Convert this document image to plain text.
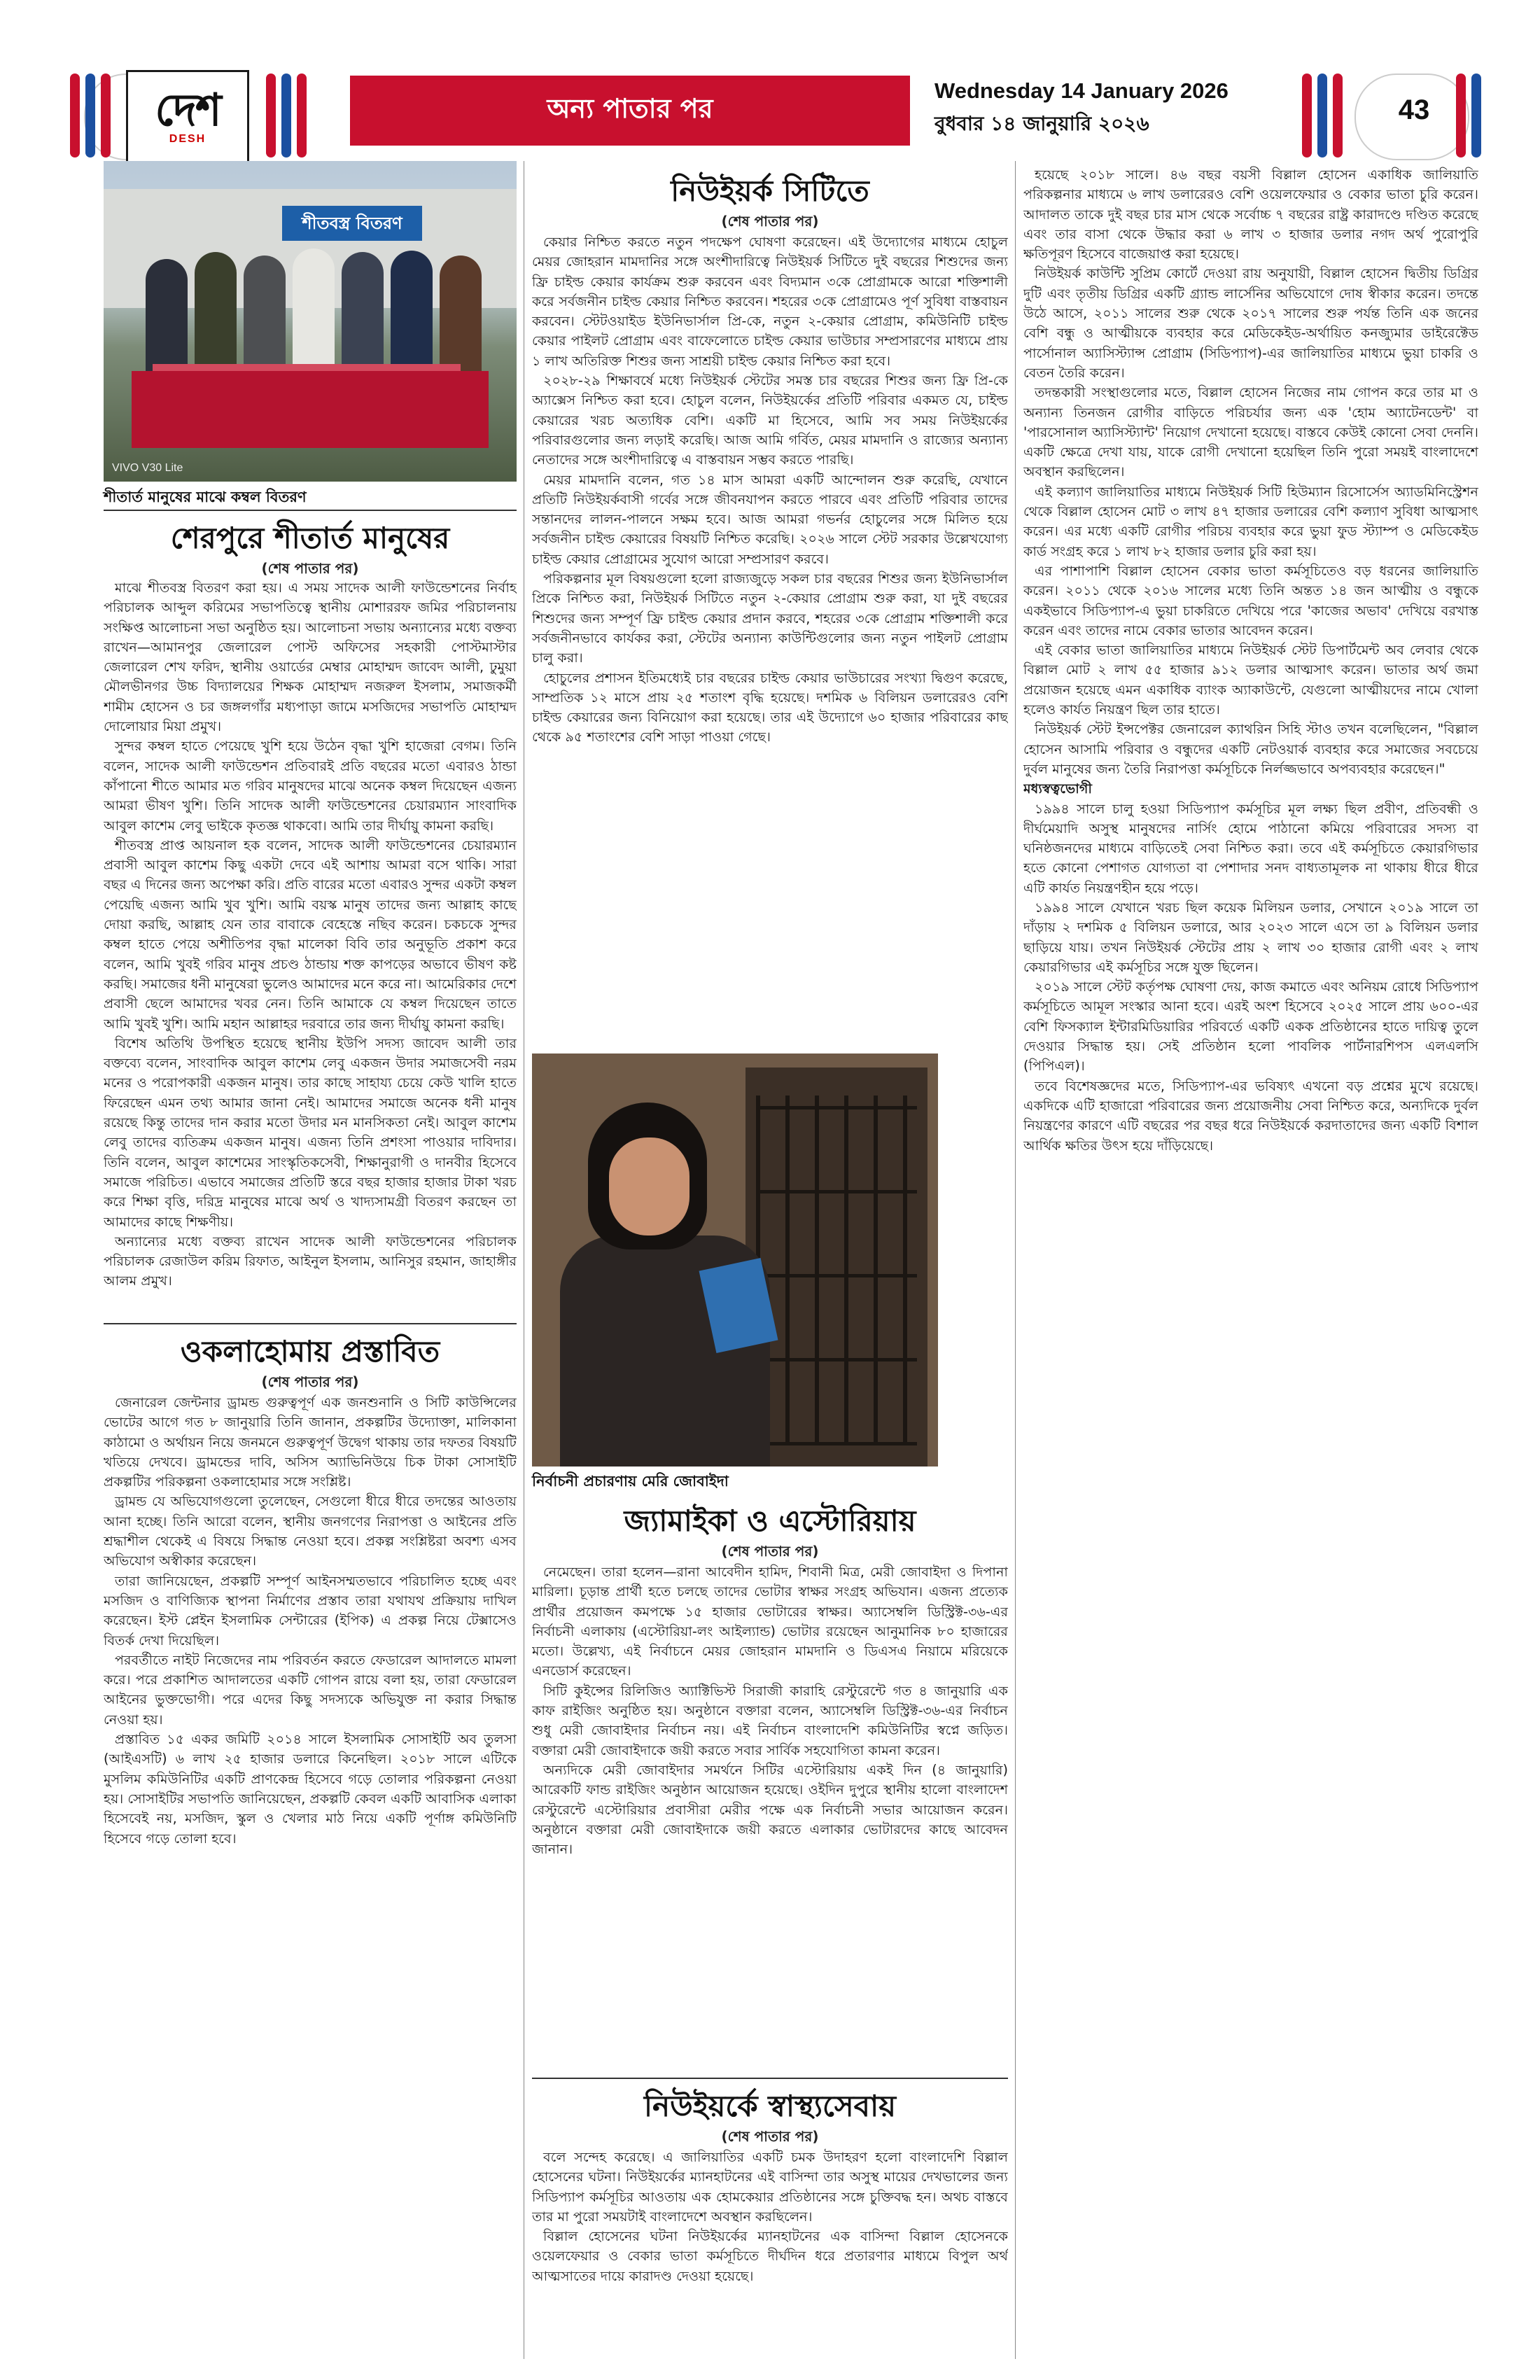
দেশ
DESH
অন্য পাতার পর
Wednesday 14 January 2026
বুধবার ১৪ জানুয়ারি ২০২৬	43
শীতবস্ত্র বিতরণ
VIVO V30 Lite
শীতার্ত মানুষের মাঝে কম্বল বিতরণ
শেরপুরে শীতার্ত মানুষের
(শেষ পাতার পর)

মাঝে শীতবস্ত্র বিতরণ করা হয়। এ সময় সাদেক আলী ফাউন্ডেশনের নির্বাহ পরিচালক আব্দুল করিমের সভাপতিত্বে স্থানীয় মোশাররফ জমির পরিচালনায় সংক্ষিপ্ত আলোচনা সভা অনুষ্ঠিত হয়। আলোচনা সভায় অন্যান্যের মধ্যে বক্তব্য রাখেন—আমানপুর জেলারেল পোস্ট অফিসের সহকারী পোস্টমাস্টার জেলারেল শেখ ফরিদ, স্থানীয় ওয়ার্ডের মেম্বার মোহাম্মদ জাবেদ আলী, ঢুমুয়া মৌলভীনগর উচ্চ বিদ্যালয়ের শিক্ষক মোহাম্মদ নজরুল ইসলাম, সমাজকর্মী শামীম হোসেন ও চর জঙ্গলগাঁর মধ্যপাড়া জামে মসজিদের সভাপতি মোহাম্মদ দোলোয়ার মিয়া প্রমুখ।

সুন্দর কম্বল হাতে পেয়েছে খুশি হয়ে উঠেন বৃদ্ধা খুশি হাজেরা বেগম। তিনি বলেন, সাদেক আলী ফাউন্ডেশন প্রতিবারই প্রতি বছরের মতো এবারও ঠান্ডা কাঁপানো শীতে আমার মত গরিব মানুষদের মাঝে অনেক কম্বল দিয়েছেন এজন্য আমরা ভীষণ খুশি। তিনি সাদেক আলী ফাউন্ডেশনের চেয়ারম্যান সাংবাদিক আবুল কাশেম লেবু ভাইকে কৃতজ্ঞ থাকবো। আমি তার দীর্ঘায়ু কামনা করছি।

শীতবস্ত্র প্রাপ্ত আয়নাল হক বলেন, সাদেক আলী ফাউন্ডেশনের চেয়ারম্যান প্রবাসী আবুল কাশেম কিছু একটা দেবে এই আশায় আমরা বসে থাকি। সারা বছর এ দিনের জন্য অপেক্ষা করি। প্রতি বারের মতো এবারও সুন্দর একটা কম্বল পেয়েছি এজন্য আমি খুব খুশি। আমি বয়স্ক মানুষ তাদের জন্য আল্লাহ কাছে দোয়া করছি, আল্লাহ যেন তার বাবাকে বেহেস্তে নছিব করেন। চকচকে সুন্দর কম্বল হাতে পেয়ে অশীতিপর বৃদ্ধা মালেকা বিবি তার অনুভূতি প্রকাশ করে বলেন, আমি খুবই গরিব মানুষ প্রচণ্ড ঠান্ডায় শক্ত কাপড়ের অভাবে ভীষণ কষ্ট করছি। সমাজের ধনী মানুষেরা ভুলেও আমাদের মনে করে না। আমেরিকার দেশে প্রবাসী ছেলে আমাদের খবর নেন। তিনি আমাকে যে কম্বল দিয়েছেন তাতে আমি খুবই খুশি। আমি মহান আল্লাহর দরবারে তার জন্য দীর্ঘায়ু কামনা করছি।

বিশেষ অতিথি উপস্থিত হয়েছে স্থানীয় ইউপি সদস্য জাবেদ আলী তার বক্তব্যে বলেন, সাংবাদিক আবুল কাশেম লেবু একজন উদার সমাজসেবী নরম মনের ও পরোপকারী একজন মানুষ। তার কাছে সাহায্য চেয়ে কেউ খালি হাতে ফিরেছেন এমন তথ্য আমার জানা নেই। আমাদের সমাজে অনেক ধনী মানুষ রয়েছে কিন্তু তাদের দান করার মতো উদার মন মানসিকতা নেই। আবুল কাশেম লেবু তাদের ব্যতিক্রম একজন মানুষ। এজন্য তিনি প্রশংসা পাওয়ার দাবিদার। তিনি বলেন, আবুল কাশেমের সাংস্কৃতিকসেবী, শিক্ষানুরাগী ও দানবীর হিসেবে সমাজে পরিচিত। এভাবে সমাজের প্রতিটি স্তরে বছর হাজার হাজার টাকা খরচ করে শিক্ষা বৃত্তি, দরিদ্র মানুষের মাঝে অর্থ ও খাদ্যসামগ্রী বিতরণ করছেন তা আমাদের কাছে শিক্ষণীয়।

অন্যান্যের মধ্যে বক্তব্য রাখেন সাদেক আলী ফাউন্ডেশনের পরিচালক পরিচালক রেজাউল করিম রিফাত, আইনুল ইসলাম, আনিসুর রহমান, জাহাঙ্গীর আলম প্রমুখ।

ওকলাহোমায় প্রস্তাবিত
(শেষ পাতার পর)

জেনারেল জেন্টনার ড্রামন্ড গুরুত্বপূর্ণ এক জনশুনানি ও সিটি কাউন্সিলের ভোটের আগে গত ৮ জানুয়ারি তিনি জানান, প্রকল্পটির উদ্যোক্তা, মালিকানা কাঠামো ও অর্থায়ন নিয়ে জনমনে গুরুত্বপূর্ণ উদ্বেগ থাকায় তার দফতর বিষয়টি খতিয়ে দেখবে। ড্রামন্ডের দাবি, অসিস অ্যাভিনিউয়ে চিক টাকা সোসাইটি প্রকল্পটির পরিকল্পনা ওকলাহোমার সঙ্গে সংশ্লিষ্ট।

ড্রামন্ড যে অভিযোগগুলো তুলেছেন, সেগুলো ধীরে ধীরে তদন্তের আওতায় আনা হচ্ছে। তিনি আরো বলেন, স্থানীয় জনগণের নিরাপত্তা ও আইনের প্রতি শ্রদ্ধাশীল থেকেই এ বিষয়ে সিদ্ধান্ত নেওয়া হবে। প্রকল্প সংশ্লিষ্টরা অবশ্য এসব অভিযোগ অস্বীকার করেছেন।

তারা জানিয়েছেন, প্রকল্পটি সম্পূর্ণ আইনসম্মতভাবে পরিচালিত হচ্ছে এবং মসজিদ ও বাণিজ্যিক স্থাপনা নির্মাণের প্রস্তাব তারা যথাযথ প্রক্রিয়ায় দাখিল করেছেন। ইস্ট প্লেইন ইসলামিক সেন্টারের (ইপিক) এ প্রকল্প নিয়ে টেক্সাসেও বিতর্ক দেখা দিয়েছিল।

পরবর্তীতে নাইট নিজেদের নাম পরিবর্তন করতে ফেডারেল আদালতে মামলা করে। পরে প্রকাশিত আদালতের একটি গোপন রায়ে বলা হয়, তারা ফেডারেল আইনের ভুক্তভোগী। পরে এদের কিছু সদস্যকে অভিযুক্ত না করার সিদ্ধান্ত নেওয়া হয়।

প্রস্তাবিত ১৫ একর জমিটি ২০১৪ সালে ইসলামিক সোসাইটি অব তুলসা (আইএসটি) ৬ লাখ ২৫ হাজার ডলারে কিনেছিল। ২০১৮ সালে এটিকে মুসলিম কমিউনিটির একটি প্রাণকেন্দ্র হিসেবে গড়ে তোলার পরিকল্পনা নেওয়া হয়। সোসাইটির সভাপতি জানিয়েছেন, প্রকল্পটি কেবল একটি আবাসিক এলাকা হিসেবেই নয়, মসজিদ, স্কুল ও খেলার মাঠ নিয়ে একটি পূর্ণাঙ্গ কমিউনিটি হিসেবে গড়ে তোলা হবে।

নিউইয়র্ক সিটিতে
(শেষ পাতার পর)

কেয়ার নিশ্চিত করতে নতুন পদক্ষেপ ঘোষণা করেছেন। এই উদ্যোগের মাধ্যমে হোচুল মেয়র জোহরান মামদানির সঙ্গে অংশীদারিত্বে নিউইয়র্ক সিটিতে দুই বছরের শিশুদের জন্য ফ্রি চাইল্ড কেয়ার কার্যক্রম শুরু করবেন এবং বিদ্যমান ৩কে প্রোগ্রামকে আরো শক্তিশালী করে সর্বজনীন চাইল্ড কেয়ার নিশ্চিত করবেন। শহরের ৩কে প্রোগ্রামেও পূর্ণ সুবিধা বাস্তবায়ন করবেন। স্টেটওয়াইড ইউনিভার্সাল প্রি-কে, নতুন ২-কেয়ার প্রোগ্রাম, কমিউনিটি চাইল্ড কেয়ার পাইলট প্রোগ্রাম এবং বাফেলোতে চাইল্ড কেয়ার ভাউচার সম্প্রসারণের মাধ্যমে প্রায় ১ লাখ অতিরিক্ত শিশুর জন্য সাশ্রয়ী চাইল্ড কেয়ার নিশ্চিত করা হবে।

২০২৮-২৯ শিক্ষাবর্ষে মধ্যে নিউইয়র্ক স্টেটের সমস্ত চার বছরের শিশুর জন্য ফ্রি প্রি-কে অ্যাক্সেস নিশ্চিত করা হবে। হোচুল বলেন, নিউইয়র্কের প্রতিটি পরিবার একমত যে, চাইল্ড কেয়ারের খরচ অত্যধিক বেশি। একটি মা হিসেবে, আমি সব সময় নিউইয়র্কের পরিবারগুলোর জন্য লড়াই করেছি। আজ আমি গর্বিত, মেয়র মামদানি ও রাজ্যের অন্যান্য নেতাদের সঙ্গে অংশীদারিত্বে এ বাস্তবায়ন সম্ভব করতে পারছি।

মেয়র মামদানি বলেন, গত ১৪ মাস আমরা একটি আন্দোলন শুরু করেছি, যেখানে প্রতিটি নিউইয়র্কবাসী গর্বের সঙ্গে জীবনযাপন করতে পারবে এবং প্রতিটি পরিবার তাদের সন্তানদের লালন-পালনে সক্ষম হবে। আজ আমরা গভর্নর হোচুলের সঙ্গে মিলিত হয়ে সর্বজনীন চাইল্ড কেয়ারের বিষয়টি নিশ্চিত করেছি। ২০২৬ সালে স্টেট সরকার উল্লেখযোগ্য চাইল্ড কেয়ার প্রোগ্রামের সুযোগ আরো সম্প্রসারণ করবে।

পরিকল্পনার মূল বিষয়গুলো হলো রাজ্যজুড়ে সকল চার বছরের শিশুর জন্য ইউনিভার্সাল প্রিকে নিশ্চিত করা, নিউইয়র্ক সিটিতে নতুন ২-কেয়ার প্রোগ্রাম শুরু করা, যা দুই বছরের শিশুদের জন্য সম্পূর্ণ ফ্রি চাইল্ড কেয়ার প্রদান করবে, শহরের ৩কে প্রোগ্রাম শক্তিশালী করে সর্বজনীনভাবে কার্যকর করা, স্টেটের অন্যান্য কাউন্টিগুলোর জন্য নতুন পাইলট প্রোগ্রাম চালু করা।

হোচুলের প্রশাসন ইতিমধ্যেই চার বছরের চাইল্ড কেয়ার ভাউচারের সংখ্যা দ্বিগুণ করেছে, সাম্প্রতিক ১২ মাসে প্রায় ২৫ শতাংশ বৃদ্ধি হয়েছে। দশমিক ৬ বিলিয়ন ডলারেরও বেশি চাইল্ড কেয়ারের জন্য বিনিয়োগ করা হয়েছে। তার এই উদ্যোগে ৬০ হাজার পরিবারের কাছ থেকে ৯৫ শতাংশের বেশি সাড়া পাওয়া গেছে।

নির্বাচনী প্রচারণায় মেরি জোবাইদা
জ্যামাইকা ও এস্টোরিয়ায়
(শেষ পাতার পর)

নেমেছেন। তারা হলেন—রানা আবেদীন হামিদ, শিবানী মিত্র, মেরী জোবাইদা ও দিপানা মারিলা। চূড়ান্ত প্রার্থী হতে চলছে তাদের ভোটার স্বাক্ষর সংগ্রহ অভিযান। এজন্য প্রত্যেক প্রার্থীর প্রয়োজন কমপক্ষে ১৫ হাজার ভোটারের স্বাক্ষর। অ্যাসেম্বলি ডিস্ট্রিক্ট-৩৬-এর নির্বাচনী এলাকায় (এস্টোরিয়া-লং আইল্যান্ড) ভোটার রয়েছেন আনুমানিক ৮০ হাজারের মতো। উল্লেখ্য, এই নির্বাচনে মেয়র জোহরান মামদানি ও ডিএসএ নিয়ামে মরিয়েকে এনডোর্স করেছেন।

সিটি কুইন্সের রিলিজিও অ্যাক্টিভিস্ট সিরাজী কারাহি রেস্টুরেন্টে গত ৪ জানুয়ারি এক কাফ রাইজিং অনুষ্ঠিত হয়। অনুষ্ঠানে বক্তারা বলেন, অ্যাসেম্বলি ডিস্ট্রিক্ট-৩৬-এর নির্বাচন শুধু মেরী জোবাইদার নির্বাচন নয়। এই নির্বাচন বাংলাদেশি কমিউনিটির স্বপ্নে জড়িত। বক্তারা মেরী জোবাইদাকে জয়ী করতে সবার সার্বিক সহযোগিতা কামনা করেন।

অন্যদিকে মেরী জোবাইদার সমর্থনে সিটির এস্টোরিয়ায় একই দিন (৪ জানুয়ারি) আরেকটি ফান্ড রাইজিং অনুষ্ঠান আয়োজন হয়েছে। ওইদিন দুপুরে স্থানীয় হালো বাংলাদেশ রেস্টুরেন্টে এস্টোরিয়ার প্রবাসীরা মেরীর পক্ষে এক নির্বাচনী সভার আয়োজন করেন। অনুষ্ঠানে বক্তারা মেরী জোবাইদাকে জয়ী করতে এলাকার ভোটারদের কাছে আবেদন জানান।

নিউইয়র্কে স্বাস্থ্যসেবায়
(শেষ পাতার পর)

বলে সন্দেহ করেছে। এ জালিয়াতির একটি চমক উদাহরণ হলো বাংলাদেশি বিল্লাল হোসেনের ঘটনা। নিউইয়র্কের ম্যানহাটনের এই বাসিন্দা তার অসুস্থ মায়ের দেখভালের জন্য সিডিপ্যাপ কর্মসূচির আওতায় এক হোমকেয়ার প্রতিষ্ঠানের সঙ্গে চুক্তিবদ্ধ হন। অথচ বাস্তবে তার মা পুরো সময়টাই বাংলাদেশে অবস্থান করছিলেন।

বিল্লাল হোসেনের ঘটনা নিউইয়র্কের ম্যানহাটনের এক বাসিন্দা বিল্লাল হোসেনকে ওয়েলফেয়ার ও বেকার ভাতা কর্মসূচিতে দীর্ঘদিন ধরে প্রতারণার মাধ্যমে বিপুল অর্থ আত্মসাতের দায়ে কারাদণ্ড দেওয়া হয়েছে।

হয়েছে ২০১৮ সালে। ৪৬ বছর বয়সী বিল্লাল হোসেন একাধিক জালিয়াতি পরিকল্পনার মাধ্যমে ৬ লাখ ডলারেরও বেশি ওয়েলফেয়ার ও বেকার ভাতা চুরি করেন। আদালত তাকে দুই বছর চার মাস থেকে সর্বোচ্চ ৭ বছরের রাষ্ট্র কারাদণ্ডে দণ্ডিত করেছে এবং তার বাসা থেকে উদ্ধার করা ৬ লাখ ৩ হাজার ডলার নগদ অর্থ পুরোপুরি ক্ষতিপূরণ হিসেবে বাজেয়াপ্ত করা হয়েছে।

নিউইয়র্ক কাউন্টি সুপ্রিম কোর্টে দেওয়া রায় অনুযায়ী, বিল্লাল হোসেন দ্বিতীয় ডিগ্রির দুটি এবং তৃতীয় ডিগ্রির একটি গ্র্যান্ড লার্সেনির অভিযোগে দোষ স্বীকার করেন। তদন্তে উঠে আসে, ২০১১ সালের শুরু থেকে ২০১৭ সালের শুরু পর্যন্ত তিনি এক জনের বেশি বন্ধু ও আত্মীয়কে ব্যবহার করে মেডিকেইড-অর্থায়িত কনজ্যুমার ডাইরেক্টেড পার্সোনাল অ্যাসিস্ট্যান্স প্রোগ্রাম (সিডিপ্যাপ)-এর জালিয়াতির মাধ্যমে ভুয়া চাকরি ও বেতন তৈরি করেন।

তদন্তকারী সংস্থাগুলোর মতে, বিল্লাল হোসেন নিজের নাম গোপন করে তার মা ও অন্যান্য তিনজন রোগীর বাড়িতে পরিচর্যার জন্য এক 'হোম অ্যাটেনডেন্ট' বা 'পারসোনাল অ্যাসিস্ট্যান্ট' নিয়োগ দেখানো হয়েছে। বাস্তবে কেউই কোনো সেবা দেননি। একটি ক্ষেত্রে দেখা যায়, যাকে রোগী দেখানো হয়েছিল তিনি পুরো সময়ই বাংলাদেশে অবস্থান করছিলেন।

এই কল্যাণ জালিয়াতির মাধ্যমে নিউইয়র্ক সিটি হিউম্যান রিসোর্সেস অ্যাডমিনিস্ট্রেশন থেকে বিল্লাল হোসেন মোট ৩ লাখ ৪৭ হাজার ডলারের বেশি কল্যাণ সুবিধা আত্মসাৎ করেন। এর মধ্যে একটি রোগীর পরিচয় ব্যবহার করে ভুয়া ফুড স্ট্যাম্প ও মেডিকেইড কার্ড সংগ্রহ করে ১ লাখ ৮২ হাজার ডলার চুরি করা হয়।

এর পাশাপাশি বিল্লাল হোসেন বেকার ভাতা কর্মসূচিতেও বড় ধরনের জালিয়াতি করেন। ২০১১ থেকে ২০১৬ সালের মধ্যে তিনি অন্তত ১৪ জন আত্মীয় ও বন্ধুকে একইভাবে সিডিপ্যাপ-এ ভুয়া চাকরিতে দেখিয়ে পরে 'কাজের অভাব' দেখিয়ে বরখাস্ত করেন এবং তাদের নামে বেকার ভাতার আবেদন করেন।

এই বেকার ভাতা জালিয়াতির মাধ্যমে নিউইয়র্ক স্টেট ডিপার্টমেন্ট অব লেবার থেকে বিল্লাল মোট ২ লাখ ৫৫ হাজার ৯১২ ডলার আত্মসাৎ করেন। ভাতার অর্থ জমা প্রয়োজন হয়েছে এমন একাধিক ব্যাংক অ্যাকাউন্টে, যেগুলো আত্মীয়দের নামে খোলা হলেও কার্যত নিয়ন্ত্রণ ছিল তার হাতে।

নিউইয়র্ক স্টেট ইন্সপেক্টর জেনারেল ক্যাথরিন সিহি স্টাও তখন বলেছিলেন, "বিল্লাল হোসেন আসামি পরিবার ও বন্ধুদের একটি নেটওয়ার্ক ব্যবহার করে সমাজের সবচেয়ে দুর্বল মানুষের জন্য তৈরি নিরাপত্তা কর্মসূচিকে নির্লজ্জভাবে অপব্যবহার করেছেন।"

মধ্যস্বত্বভোগী

১৯৯৪ সালে চালু হওয়া সিডিপ্যাপ কর্মসূচির মূল লক্ষ্য ছিল প্রবীণ, প্রতিবন্ধী ও দীর্ঘমেয়াদি অসুস্থ মানুষদের নার্সিং হোমে পাঠানো কমিয়ে পরিবারের সদস্য বা ঘনিষ্ঠজনদের মাধ্যমে বাড়িতেই সেবা নিশ্চিত করা। তবে এই কর্মসূচিতে কেয়ারগিভার হতে কোনো পেশাগত যোগ্যতা বা পেশাদার সনদ বাধ্যতামূলক না থাকায় ধীরে ধীরে এটি কার্যত নিয়ন্ত্রণহীন হয়ে পড়ে।

১৯৯৪ সালে যেখানে খরচ ছিল কয়েক মিলিয়ন ডলার, সেখানে ২০১৯ সালে তা দাঁড়ায় ২ দশমিক ৫ বিলিয়ন ডলারে, আর ২০২৩ সালে এসে তা ৯ বিলিয়ন ডলার ছাড়িয়ে যায়। তখন নিউইয়র্ক স্টেটের প্রায় ২ লাখ ৩০ হাজার রোগী এবং ২ লাখ কেয়ারগিভার এই কর্মসূচির সঙ্গে যুক্ত ছিলেন।

২০১৯ সালে স্টেট কর্তৃপক্ষ ঘোষণা দেয়, কাজ কমাতে এবং অনিয়ম রোধে সিডিপ্যাপ কর্মসূচিতে আমূল সংস্কার আনা হবে। এরই অংশ হিসেবে ২০২৫ সালে প্রায় ৬০০-এর বেশি ফিসক্যাল ইন্টারমিডিয়ারির পরিবর্তে একটি একক প্রতিষ্ঠানের হাতে দায়িত্ব তুলে দেওয়ার সিদ্ধান্ত হয়। সেই প্রতিষ্ঠান হলো পাবলিক পার্টনারশিপস এলএলসি (পিপিএল)।

তবে বিশেষজ্ঞদের মতে, সিডিপ্যাপ-এর ভবিষ্যৎ এখনো বড় প্রশ্নের মুখে রয়েছে। একদিকে এটি হাজারো পরিবারের জন্য প্রয়োজনীয় সেবা নিশ্চিত করে, অন্যদিকে দুর্বল নিয়ন্ত্রণের কারণে এটি বছরের পর বছর ধরে নিউইয়র্কে করদাতাদের জন্য একটি বিশাল আর্থিক ক্ষতির উৎস হয়ে দাঁড়িয়েছে।
